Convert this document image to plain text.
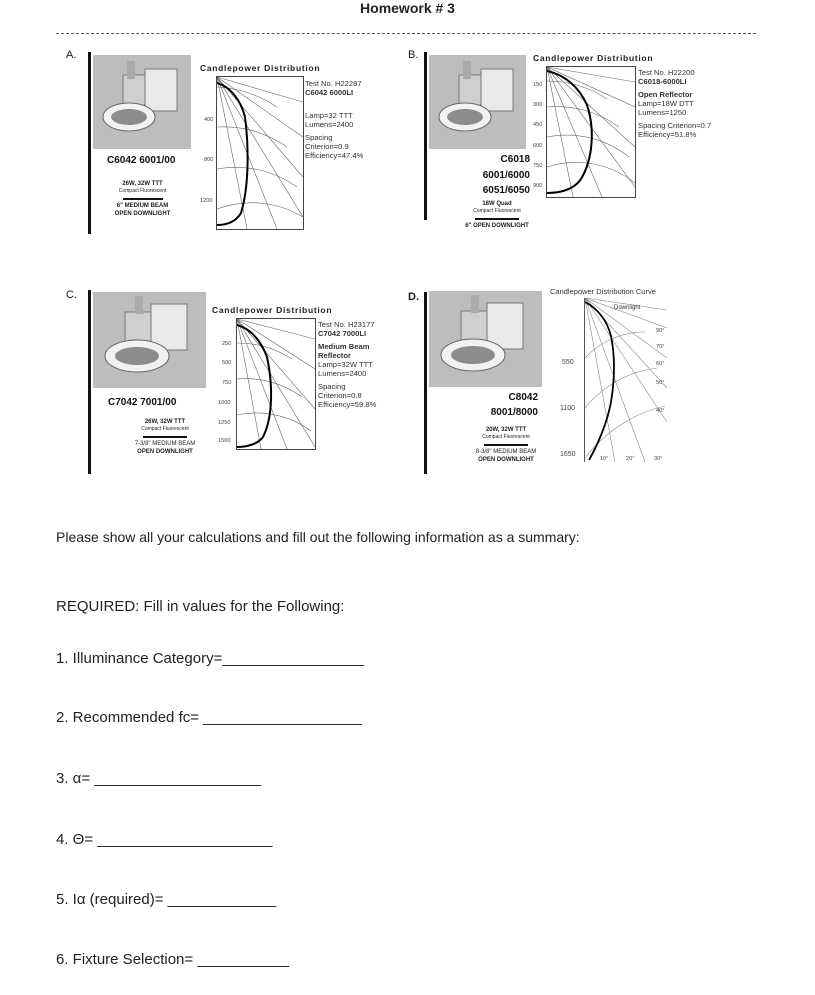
Homework # 3
A.
C6042 6001/00
26W, 32W TTT
Compact Fluorescent
6" MEDIUM BEAM
OPEN DOWNLIGHT
Candlepower Distribution
400
800
1200
Test No. H22287
C6042 6000LI
Lamp=32 TTT
Lumens=2400
Spacing
Criterion=0.9
Efficiency=47.4%
B.
C6018
6001/6000
6051/6050
18W Quad
Compact Fluorescent
6" OPEN DOWNLIGHT
Candlepower Distribution
150
300
450
600
750
900
Test No. H22200
C6018-6000LI
Open Reflector
Lamp=18W DTT
Lumens=1250
Spacing Criterion=0.7
Efficiency=51.8%
C.
C7042 7001/00
26W, 32W TTT
Compact Fluorescent
7-3/8" MEDIUM BEAM
OPEN DOWNLIGHT
Candlepower Distribution
250
500
750
1000
1250
1500
Test No. H23177
C7042 7000LI
Medium Beam
Reflector
Lamp=32W TTT
Lumens=2400
Spacing
Criterion=0.8
Efficiency=59.8%
D.
C8042
8001/8000
20W, 32W TTT
Compact Fluorescent
8-3/8" MEDIUM BEAM
OPEN DOWNLIGHT
Candlepower Distribution Curve
550
1100
1650
Downlight
90°
70°
60°
50°
40°
10°	20°	30°
Please show all your calculations and fill out the following information as a summary:
REQUIRED: Fill in values for the Following:
1. Illuminance Category=_________________
2. Recommended fc= ___________________
3. α= ____________________
4. Θ= _____________________
5. Iα (required)= _____________
6. Fixture Selection= ___________
